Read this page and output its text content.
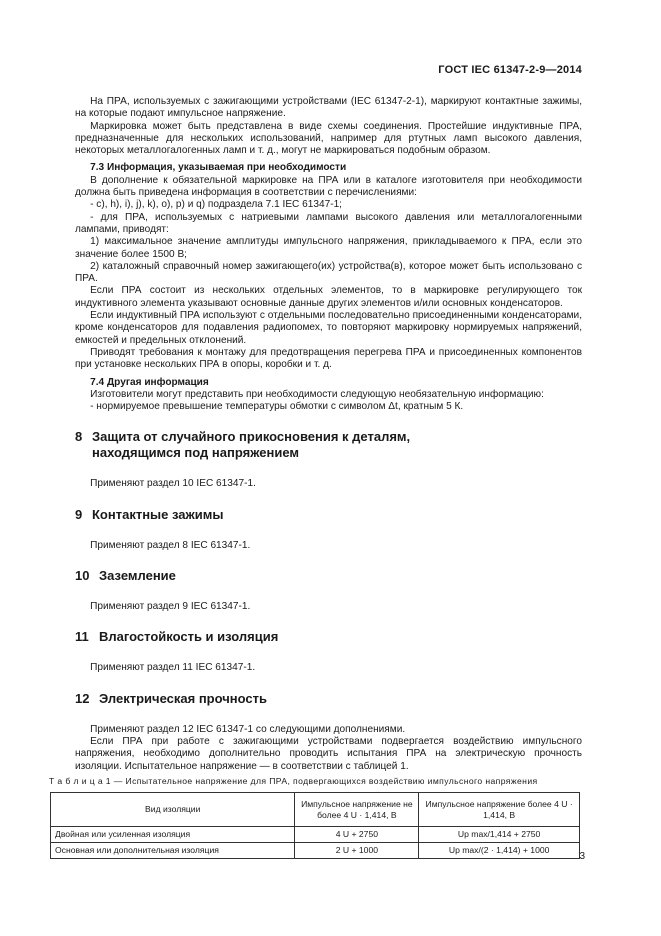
ГОСТ IEC 61347-2-9—2014

На ПРА, используемых с зажигающими устройствами (IEC 61347-2-1), маркируют контактные зажимы, на которые подают импульсное напряжение.

Маркировка может быть представлена в виде схемы соединения. Простейшие индуктивные ПРА, предназначенные для нескольких использований, например для ртутных ламп высокого давления, некоторых металлогалогенных ламп и т. д., могут не маркироваться подобным образом.

7.3 Информация, указываемая при необходимости

В дополнение к обязательной маркировке на ПРА или в каталоге изготовителя при необходимости должна быть приведена информация в соответствии с перечислениями:

- с), h), i), j), k), o), p) и q) подраздела 7.1 IEC 61347-1;

- для ПРА, используемых с натриевыми лампами высокого давления или металлогалогенными лампами, приводят:

1) максимальное значение амплитуды импульсного напряжения, прикладываемого к ПРА, если это значение более 1500 В;

2) каталожный справочный номер зажигающего(их) устройства(в), которое может быть использовано с ПРА.

Если ПРА состоит из нескольких отдельных элементов, то в маркировке регулирующего ток индуктивного элемента указывают основные данные других элементов и/или основных конденсаторов.

Если индуктивный ПРА используют с отдельными последовательно присоединенными конденсаторами, кроме конденсаторов для подавления радиопомех, то повторяют маркировку нормируемых напряжений, емкостей и предельных отклонений.

Приводят требования к монтажу для предотвращения перегрева ПРА и присоединенных компонентов при установке нескольких ПРА в опоры, коробки и т. д.

7.4 Другая информация

Изготовители могут представить при необходимости следующую необязательную информацию:

- нормируемое превышение температуры обмотки с символом Δt, кратным 5 К.

8 Защита от случайного прикосновения к деталям,
находящимся под напряжением

Применяют раздел 10 IEC 61347-1.

9 Контактные зажимы

Применяют раздел 8 IEC 61347-1.

10 Заземление

Применяют раздел 9 IEC 61347-1.

11 Влагостойкость и изоляция

Применяют раздел 11 IEC 61347-1.

12 Электрическая прочность

Применяют раздел 12 IEC 61347-1 со следующими дополнениями.

Если ПРА при работе с зажигающими устройствами подвергается воздействию импульсного напряжения, необходимо дополнительно проводить испытания ПРА на электрическую прочность изоляции. Испытательное напряжение — в соответствии с таблицей 1.

Т а б л и ц а 1 — Испытательное напряжение для ПРА, подвергающихся воздействию импульсного напряжения

Вид изоляции	Импульсное напряжение не более 4 U · 1,414, В	Импульсное напряжение более 4 U · 1,414, В
Двойная или усиленная изоляция	4 U + 2750	Up max/1,414 + 2750
Основная или дополнительная изоляция	2 U + 1000	Up max/(2 · 1,414) + 1000
3
